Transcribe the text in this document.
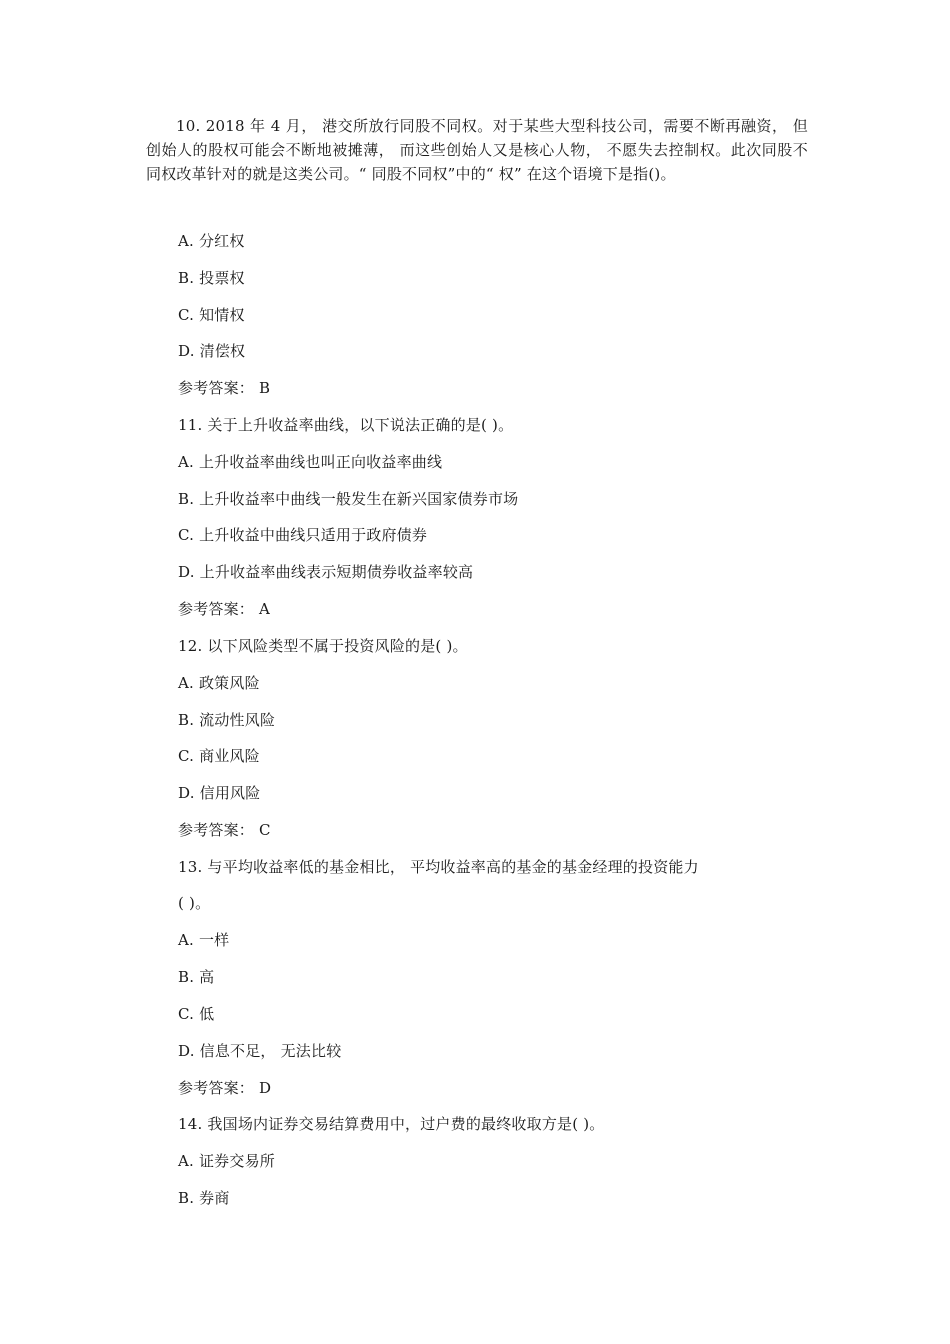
10. 2018 年 4 月， 港交所放行同股不同权。对于某些大型科技公司，需要不断再融资， 但创始人的股权可能会不断地被摊薄， 而这些创始人又是核心人物， 不愿失去控制权。此次同股不同权改革针对的就是这类公司。“ 同股不同权”中的“ 权” 在这个语境下是指()。

A. 分红权
B. 投票权
C. 知情权
D. 清偿权
参考答案： B
11. 关于上升收益率曲线，以下说法正确的是( )。
A. 上升收益率曲线也叫正向收益率曲线
B. 上升收益率中曲线一般发生在新兴国家债券市场
C. 上升收益中曲线只适用于政府债券
D. 上升收益率曲线表示短期债券收益率较高
参考答案： A
12. 以下风险类型不属于投资风险的是( )。
A. 政策风险
B. 流动性风险
C. 商业风险
D. 信用风险
参考答案： C
13. 与平均收益率低的基金相比， 平均收益率高的基金的基金经理的投资能力
( )。
A. 一样
B. 高
C. 低
D. 信息不足， 无法比较
参考答案： D
14. 我国场内证券交易结算费用中，过户费的最终收取方是( )。
A. 证券交易所
B. 券商
